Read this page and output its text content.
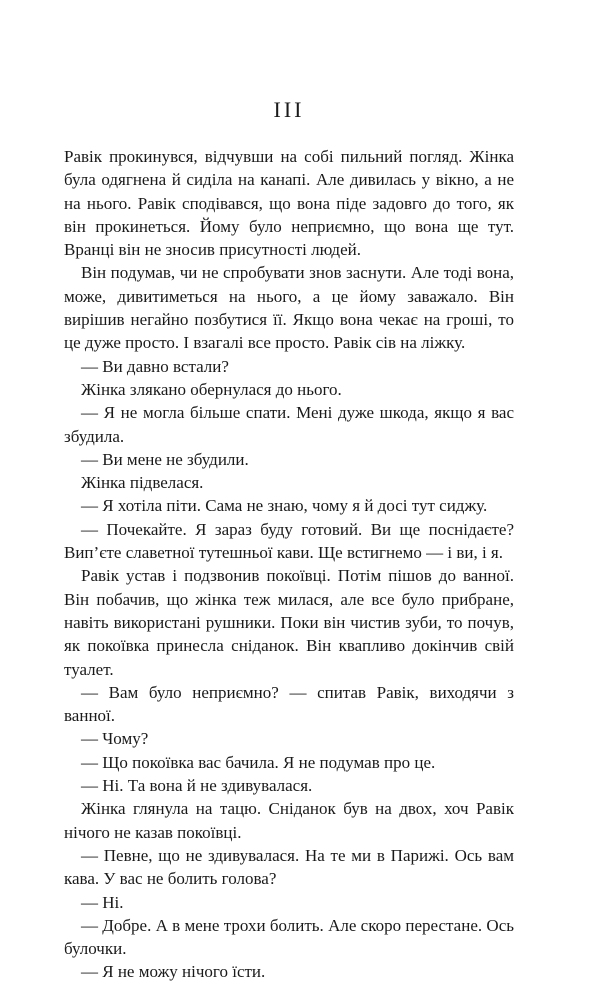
III

Равік прокинувся, відчувши на собі пильний погляд. Жінка була одягнена й сиділа на канапі. Але дивилась у вікно, а не на нього. Равік сподівався, що вона піде задовго до того, як він прокинеться. Йому було неприємно, що вона ще тут. Вранці він не зносив присутності людей.

Він подумав, чи не спробувати знов заснути. Але тоді вона, може, дивитиметься на нього, а це йому заважало. Він вирішив негайно позбутися її. Якщо вона чекає на гроші, то це дуже просто. І взагалі все просто. Равік сів на ліжку.

— Ви давно встали?

Жінка злякано обернулася до нього.

— Я не могла більше спати. Мені дуже шкода, якщо я вас збудила.

— Ви мене не збудили.

Жінка підвелася.

— Я хотіла піти. Сама не знаю, чому я й досі тут сиджу.

— Почекайте. Я зараз буду готовий. Ви ще поснідаєте? Вип’єте славетної тутешньої кави. Ще встигнемо — і ви, і я.

Равік устав і подзвонив покоївці. Потім пішов до ванної. Він побачив, що жінка теж милася, але все було прибране, навіть використані рушники. Поки він чистив зуби, то почув, як покоївка принесла сніданок. Він квапливо докінчив свій туалет.

— Вам було неприємно? — спитав Равік, виходячи з ванної.

— Чому?

— Що покоївка вас бачила. Я не подумав про це.

— Ні. Та вона й не здивувалася.

Жінка глянула на тацю. Сніданок був на двох, хоч Равік нічого не казав покоївці.

— Певне, що не здивувалася. На те ми в Парижі. Ось вам кава. У вас не болить голова?

— Ні.

— Добре. А в мене трохи болить. Але скоро перестане. Ось булочки.

— Я не можу нічого їсти.
